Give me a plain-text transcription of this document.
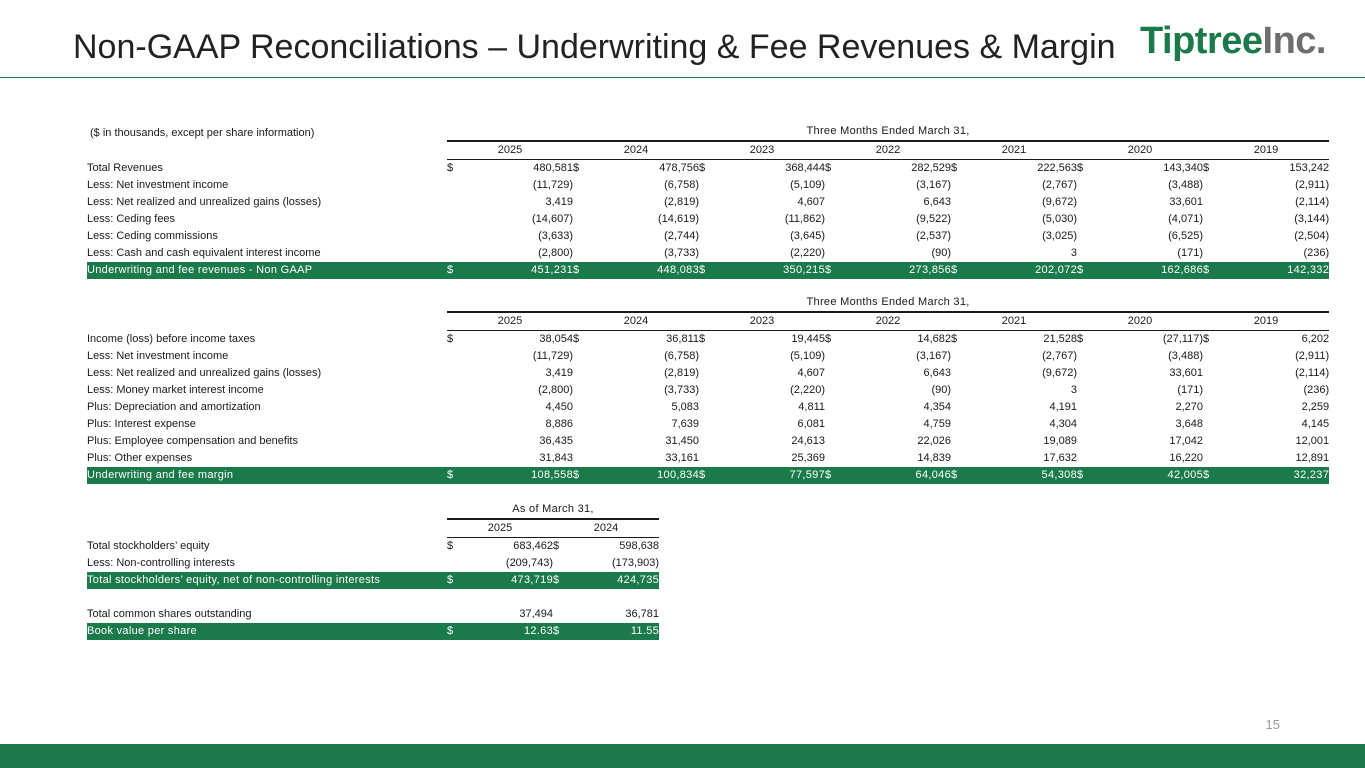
Non-GAAP Reconciliations – Underwriting & Fee Revenues & Margin TiptreeInc.
($ in thousands, except per share information)
		Three Months Ended March 31,													
	2025		2024		2023		2022		2021		2020		2019	
Total Revenues	$	480,581	$	478,756	$	368,444	$	282,529	$	222,563	$	143,340	$	153,242
Less: Net investment income		(11,729)		(6,758)		(5,109)		(3,167)		(2,767)		(3,488)		(2,911)
Less: Net realized and unrealized gains (losses)		3,419		(2,819)		4,607		6,643		(9,672)		33,601		(2,114)
Less: Ceding fees		(14,607)		(14,619)		(11,862)		(9,522)		(5,030)		(4,071)		(3,144)
Less: Ceding commissions		(3,633)		(2,744)		(3,645)		(2,537)		(3,025)		(6,525)		(2,504)
Less: Cash and cash equivalent interest income		(2,800)		(3,733)		(2,220)		(90)		3		(171)		(236)
Underwriting and fee revenues - Non GAAP	$	451,231	$	448,083	$	350,215	$	273,856	$	202,072	$	162,686	$	142,332
	Three Months Ended March 31,													
	2025		2024		2023		2022		2021		2020		2019	
Income (loss) before income taxes	$	38,054	$	36,811	$	19,445	$	14,682	$	21,528	$	(27,117)	$	6,202
Less: Net investment income		(11,729)		(6,758)		(5,109)		(3,167)		(2,767)		(3,488)		(2,911)
Less: Net realized and unrealized gains (losses)		3,419		(2,819)		4,607		6,643		(9,672)		33,601		(2,114)
Less: Money market interest income		(2,800)		(3,733)		(2,220)		(90)		3		(171)		(236)
Plus: Depreciation and amortization		4,450		5,083		4,811		4,354		4,191		2,270		2,259
Plus: Interest expense		8,886		7,639		6,081		4,759		4,304		3,648		4,145
Plus: Employee compensation and benefits		36,435		31,450		24,613		22,026		19,089		17,042		12,001
Plus: Other expenses		31,843		33,161		25,369		14,839		17,632		16,220		12,891
Underwriting and fee margin	$	108,558	$	100,834	$	77,597	$	64,046	$	54,308	$	42,005	$	32,237
	As of March 31,			
	2025		2024	
Total stockholders’ equity	$	683,462	$	598,638
Less: Non-controlling interests		(209,743)		(173,903)
Total stockholders’ equity, net of non-controlling interests	$	473,719	$	424,735

Total common shares outstanding		37,494		36,781
Book value per share	$	12.63	$	11.55
15
